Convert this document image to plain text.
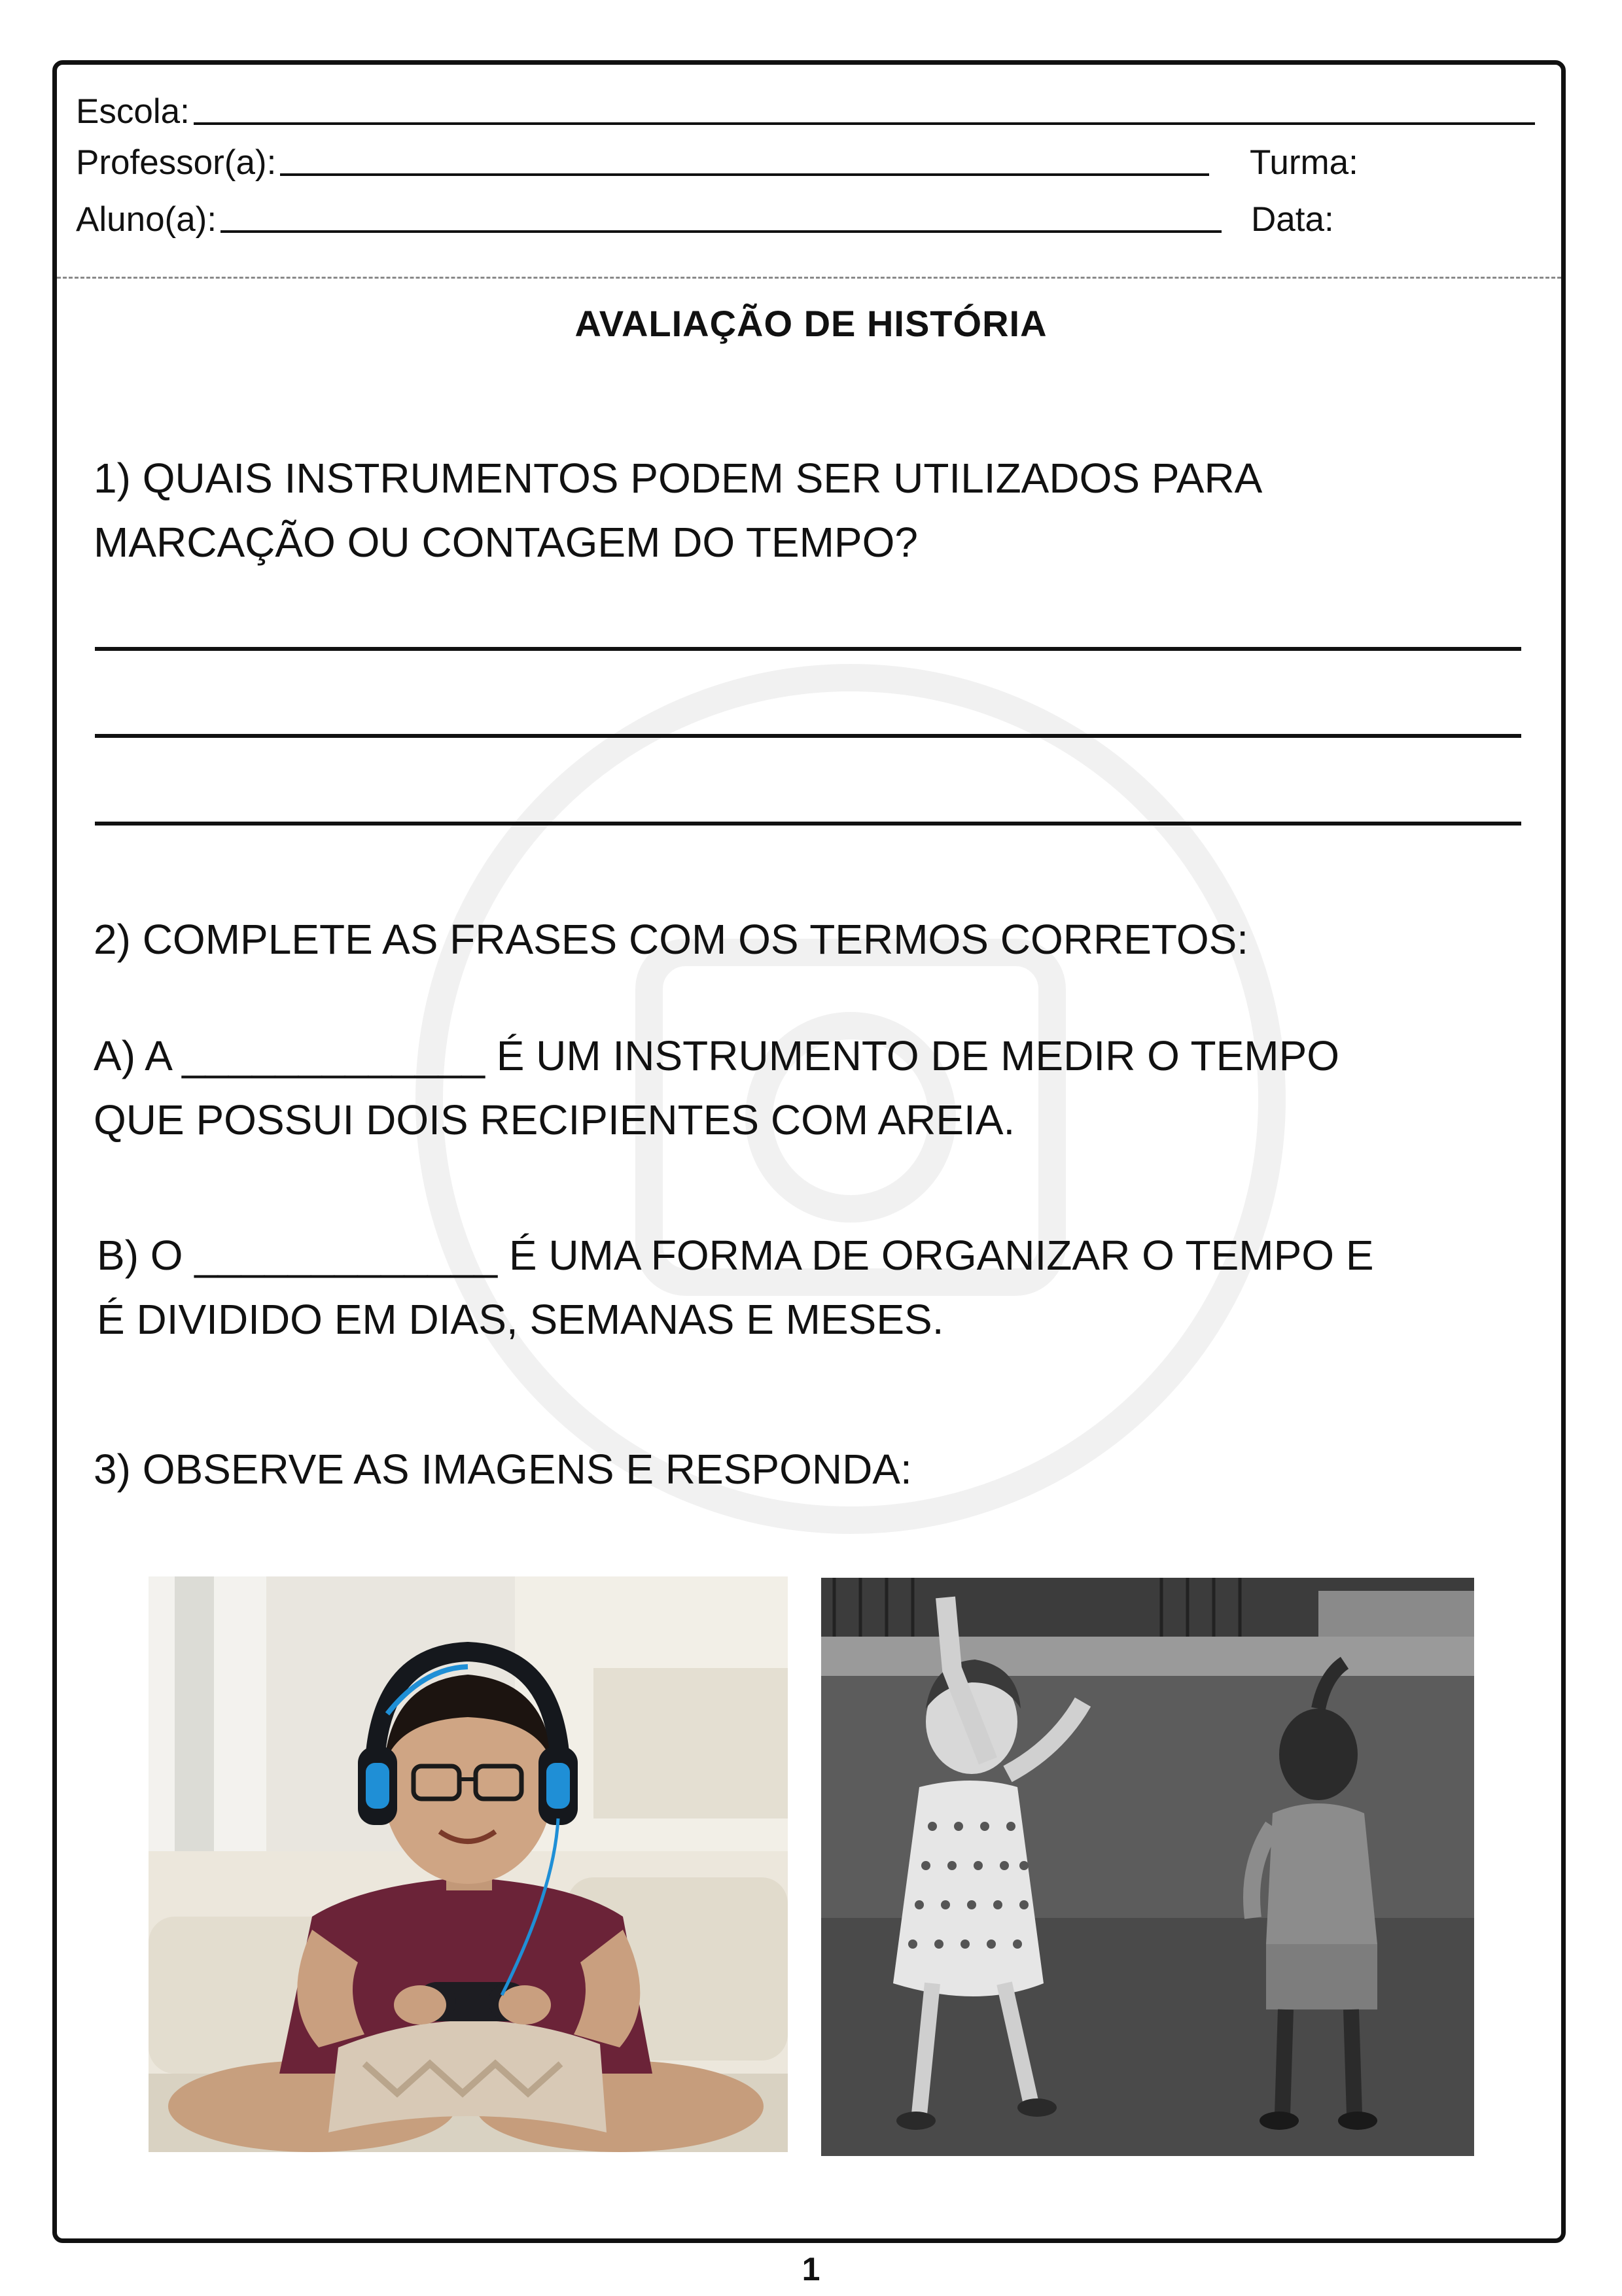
Escola:
Professor(a):	Turma:
Aluno(a):	Data:
AVALIAÇÃO DE HISTÓRIA
1) QUAIS INSTRUMENTOS PODEM SER UTILIZADOS PARA
MARCAÇÃO OU CONTAGEM DO TEMPO?
2) COMPLETE AS FRASES COM OS TERMOS CORRETOS:
A) A _____________ É UM INSTRUMENTO DE MEDIR O TEMPO
QUE POSSUI DOIS RECIPIENTES COM AREIA.
B) O _____________ É UMA FORMA DE ORGANIZAR O TEMPO E
É DIVIDIDO EM DIAS, SEMANAS E MESES.
3) OBSERVE AS IMAGENS E RESPONDA:
1
